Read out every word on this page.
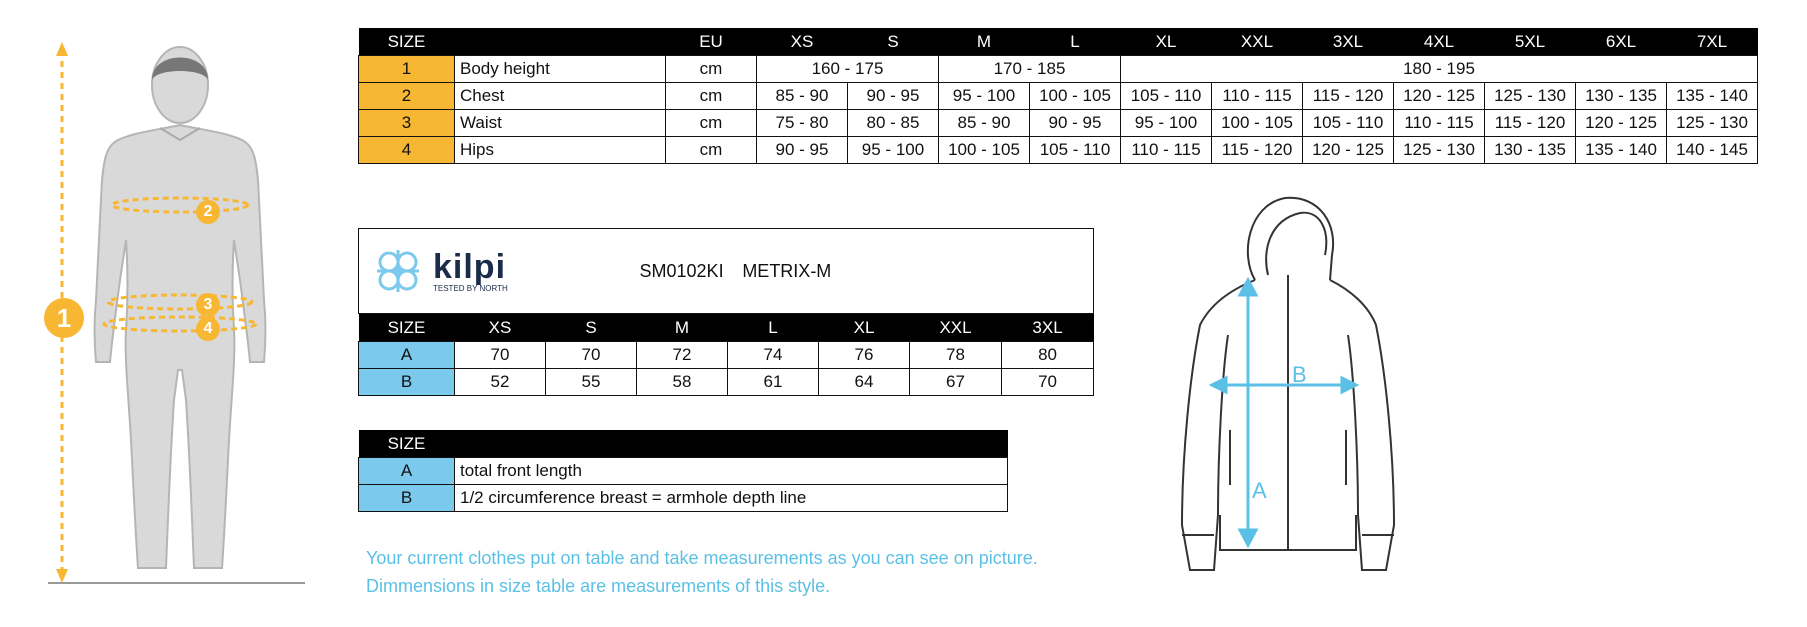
1
2
3
4
SIZE		EU	XS	S	M	L	XL	XXL	3XL	4XL	5XL	6XL	7XL
1	Body height	cm	160 - 175		170 - 185		180 - 195						
2	Chest	cm	85 - 90	90 - 95	95 - 100	100 - 105	105 - 110	110 - 115	115 - 120	120 - 125	125 - 130	130 - 135	135 - 140
3	Waist	cm	75 - 80	80 - 85	85 - 90	90 - 95	95 - 100	100 - 105	105 - 110	110 - 115	115 - 120	120 - 125	125 - 130
4	Hips	cm	90 - 95	95 - 100	100 - 105	105 - 110	110 - 115	115 - 120	120 - 125	125 - 130	130 - 135	135 - 140	140 - 145
kilpi
TESTED BY NORTH		SM0102KI METRIX-M					
SIZE	XS	S	M	L	XL	XXL	3XL
A	70	70	72	74	76	78	80
B	52	55	58	61	64	67	70
SIZE	
A	total front length
B	1/2 circumference breast = armhole depth line
Your current clothes put on table and take measurements as you can see on picture.
Dimmensions in size table are measurements of this style.
A
B
